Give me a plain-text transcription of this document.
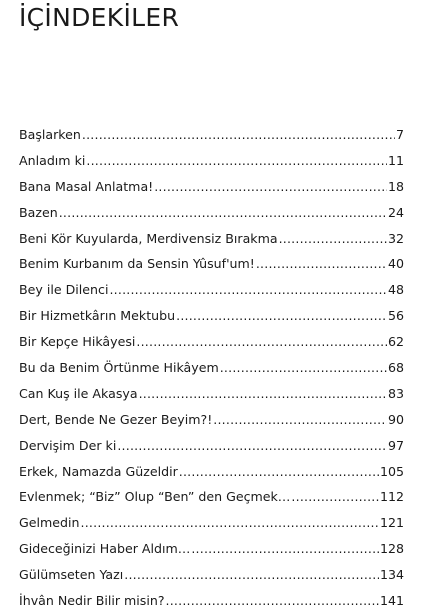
İÇİNDEKİLER
Başlarken .....	7
Anladım ki .....	11
Bana Masal Anlatma! .....	18
Bazen .....	24
Beni Kör Kuyularda, Merdivensiz Bırakma .....	32
Benim Kurbanım da Sensin Yûsuf'um! .....	40
Bey ile Dilenci .....	48
Bir Hizmetkârın Mektubu .....	56
Bir Kepçe Hikâyesi .....	62
Bu da Benim Örtünme Hikâyem .....	68
Can Kuş ile Akasya .....	83
Dert, Bende Ne Gezer Beyim?! .....	90
Dervişim Der ki .....	97
Erkek, Namazda Güzeldir .....	105
Evlenmek; “Biz” Olup “Ben” den Geçmek… .....	112
Gelmedin .....	121
Gideceğinizi Haber Aldım… .....	128
Gülümseten Yazı .....	134
İhvân Nedir Bilir misin? .....	141
